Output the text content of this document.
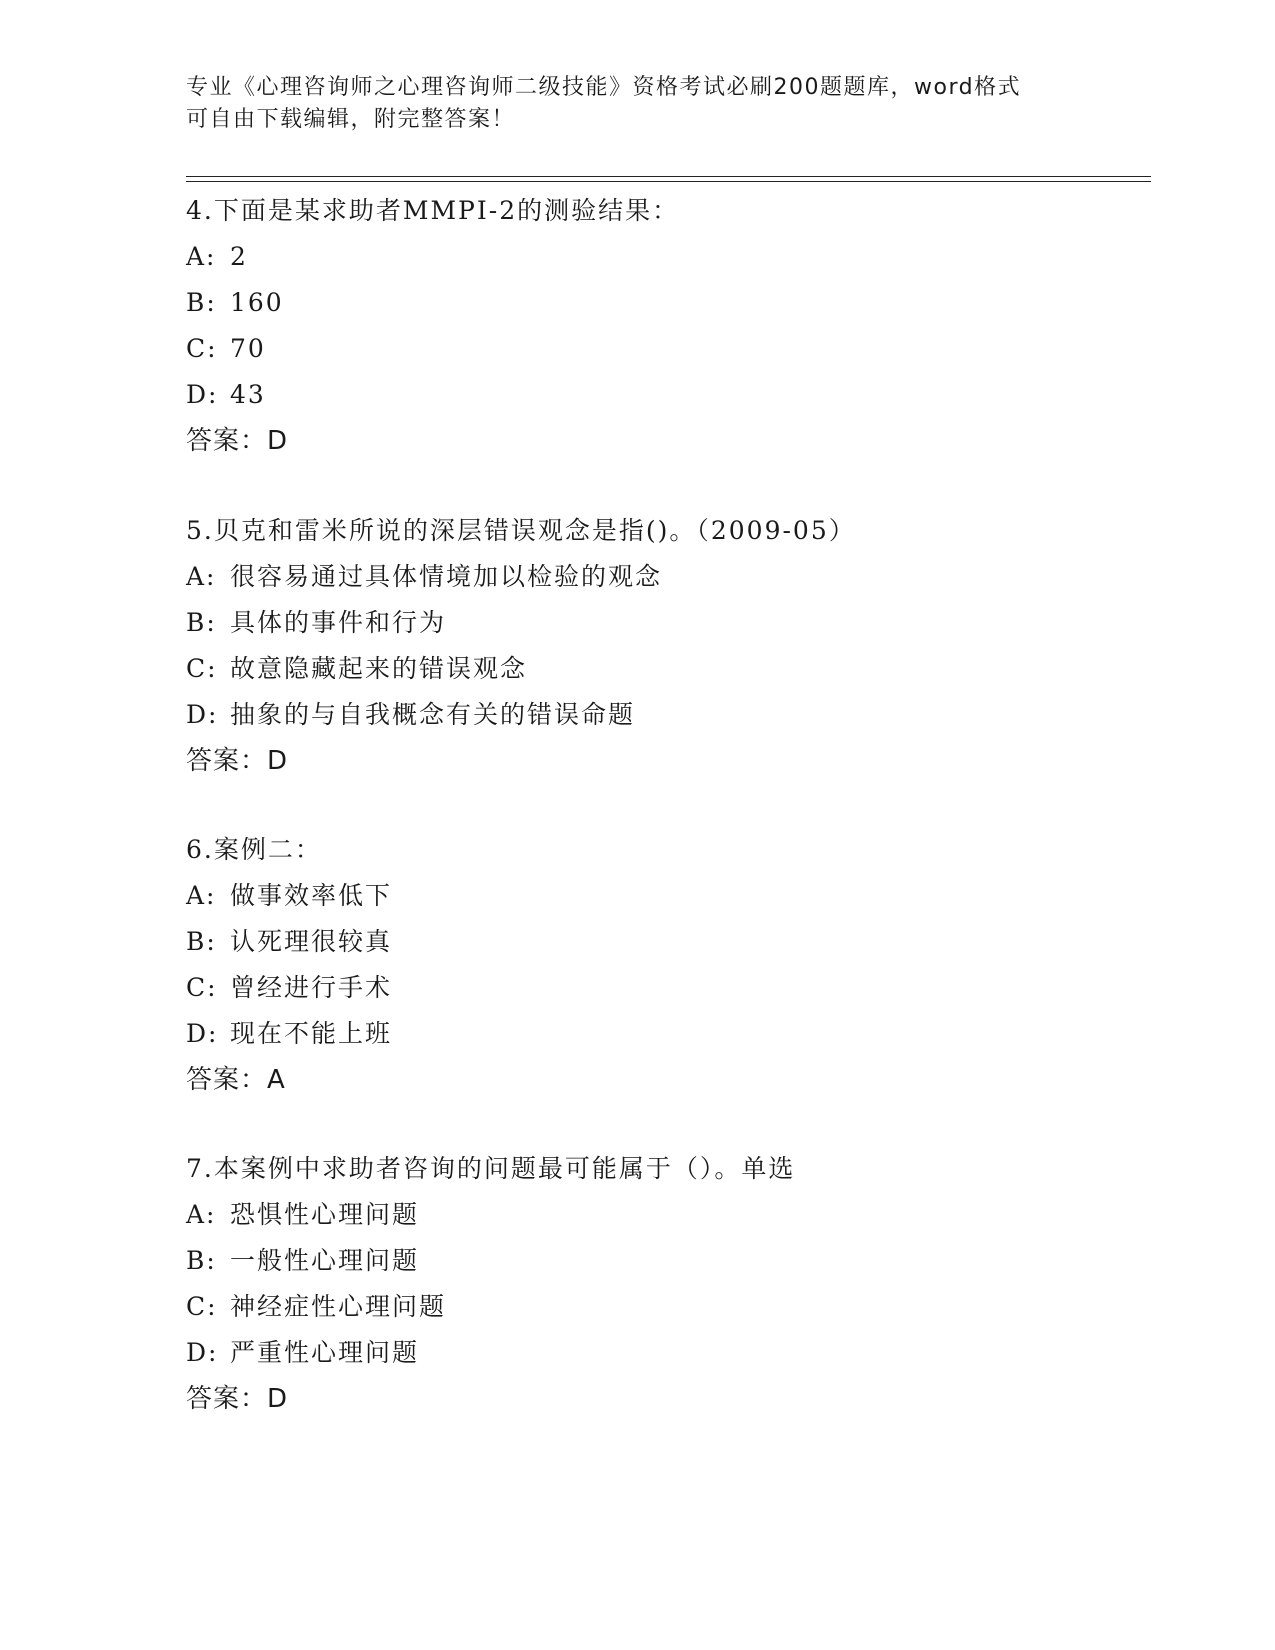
专业《心理咨询师之心理咨询师二级技能》资格考试必刷200题题库，word格式
可自由下载编辑，附完整答案！
4.下面是某求助者MMPI-2的测验结果：
A: 2
B: 160
C: 70
D: 43
答案：D
5.贝克和雷米所说的深层错误观念是指()。（2009-05）
A: 很容易通过具体情境加以检验的观念
B: 具体的事件和行为
C: 故意隐藏起来的错误观念
D: 抽象的与自我概念有关的错误命题
答案：D
6.案例二：
A: 做事效率低下
B: 认死理很较真
C: 曾经进行手术
D: 现在不能上班
答案：A
7.本案例中求助者咨询的问题最可能属于（）。单选
A: 恐惧性心理问题
B: 一般性心理问题
C: 神经症性心理问题
D: 严重性心理问题
答案：D
